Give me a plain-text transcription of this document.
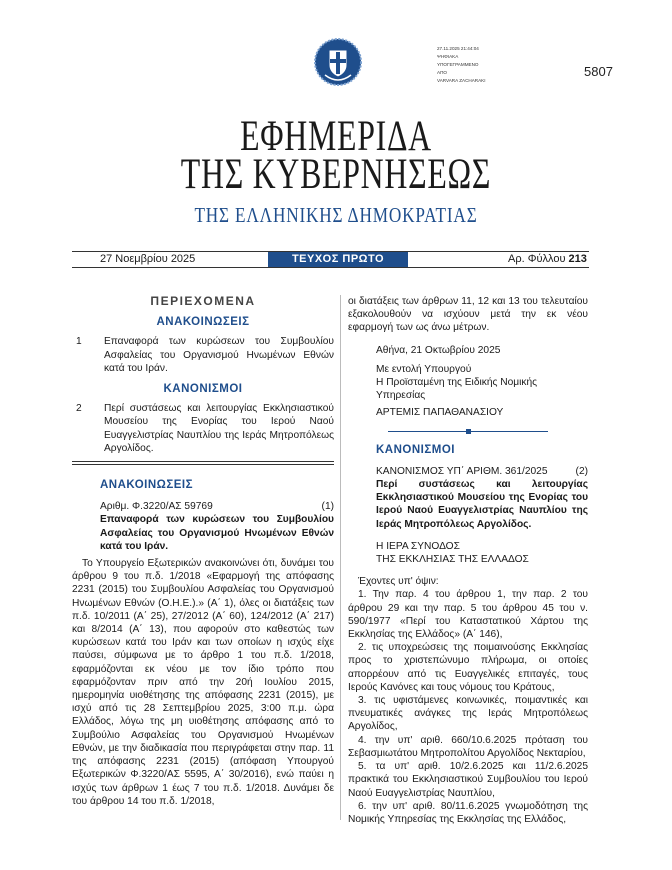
27.11.2025 21:44:04
ΨΗΦΙΑΚΑ
ΥΠΟΓΕΓΡΑΜΜΕΝΟ
ΑΠΟ
VARVARA ZACHARAKI
5807
ΕΦΗΜΕΡΙΔΑ
ΤΗΣ ΚΥΒΕΡΝΗΣΕΩΣ
ΤΗΣ ΕΛΛΗΝΙΚΗΣ ΔΗΜΟΚΡΑΤΙΑΣ
27 Νοεμβρίου 2025	ΤΕΥΧΟΣ ΠΡΩΤΟ	Αρ. Φύλλου 213
ΠΕΡΙΕΧΟΜΕΝΑ
ΑΝΑΚΟΙΝΩΣΕΙΣ
1	Επαναφορά των κυρώσεων του Συμβουλίου Ασφαλείας του Οργανισμού Ηνωμένων Εθνών κατά του Ιράν.
ΚΑΝΟΝΙΣΜΟΙ
2	Περί συστάσεως και λειτουργίας Εκκλησιαστικού Μουσείου της Ενορίας του Ιερού Ναού Ευαγγελιστρίας Ναυπλίου της Ιεράς Μητροπόλεως Αργολίδος.
ΑΝΑΚΟΙΝΩΣΕΙΣ
Αριθμ. Φ.3220/ΑΣ 59769	(1)
Επαναφορά των κυρώσεων του Συμβουλίου Ασφαλείας του Οργανισμού Ηνωμένων Εθνών κατά του Ιράν.
Το Υπουργείο Εξωτερικών ανακοινώνει ότι, δυνάμει του άρθρου 9 του π.δ. 1/2018 «Εφαρμογή της απόφασης 2231 (2015) του Συμβουλίου Ασφαλείας του Οργανισμού Ηνωμένων Εθνών (Ο.Η.Ε.).» (Α΄ 1), όλες οι διατάξεις των π.δ. 10/2011 (Α΄ 25), 27/2012 (Α΄ 60), 124/2012 (Α΄ 217) και 8/2014 (Α΄ 13), που αφορούν στο καθεστώς των κυρώσεων κατά του Ιράν και των οποίων η ισχύς είχε παύσει, σύμφωνα με το άρθρο 1 του π.δ. 1/2018, εφαρμόζονται εκ νέου με τον ίδιο τρόπο που εφαρμόζονταν πριν από την 20ή Ιουλίου 2015, ημερομηνία υιοθέτησης της απόφασης 2231 (2015), με ισχύ από τις 28 Σεπτεμβρίου 2025, 3:00 π.μ. ώρα Ελλάδος, λόγω της μη υιοθέτησης απόφασης από το Συμβούλιο Ασφαλείας του Οργανισμού Ηνωμένων Εθνών, με την διαδικασία που περιγράφεται στην παρ. 11 της απόφασης 2231 (2015) (απόφαση Υπουργού Εξωτερικών Φ.3220/ΑΣ 5595, Α΄ 30/2016), ενώ παύει η ισχύς των άρθρων 1 έως 7 του π.δ. 1/2018. Δυνάμει δε του άρθρου 14 του π.δ. 1/2018,
οι διατάξεις των άρθρων 11, 12 και 13 του τελευταίου εξακολουθούν να ισχύουν μετά την εκ νέου εφαρμογή των ως άνω μέτρων.
Αθήνα, 21 Οκτωβρίου 2025
Με εντολή Υπουργού
Η Προϊσταμένη της Ειδικής Νομικής Υπηρεσίας
ΑΡΤΕΜΙΣ ΠΑΠΑΘΑΝΑΣΙΟΥ
ΚΑΝΟΝΙΣΜΟΙ
ΚΑΝΟΝΙΣΜΟΣ ΥΠ΄ ΑΡΙΘΜ. 361/2025	(2)
Περί συστάσεως και λειτουργίας Εκκλησιαστικού Μουσείου της Ενορίας του Ιερού Ναού Ευαγγελιστρίας Ναυπλίου της Ιεράς Μητροπόλεως Αργολίδος.
Η ΙΕΡΑ ΣΥΝΟΔΟΣ
ΤΗΣ ΕΚΚΛΗΣΙΑΣ ΤΗΣ ΕΛΛΑΔΟΣ
Έχοντες υπ' όψιν:
1. Την παρ. 4 του άρθρου 1, την παρ. 2 του άρθρου 29 και την παρ. 5 του άρθρου 45 του ν. 590/1977 «Περί του Καταστατικού Χάρτου της Εκκλησίας της Ελλάδος» (Α΄ 146),
2. τις υποχρεώσεις της ποιμαινούσης Εκκλησίας προς το χριστεπώνυμο πλήρωμα, οι οποίες απορρέουν από τις Ευαγγελικές επιταγές, τους Ιερούς Κανόνες και τους νόμους του Κράτους,
3. τις υφιστάμενες κοινωνικές, ποιμαντικές και πνευματικές ανάγκες της Ιεράς Μητροπόλεως Αργολίδος,
4. την υπ' αριθ. 660/10.6.2025 πρόταση του Σεβασμιωτάτου Μητροπολίτου Αργολίδος Νεκταρίου,
5. τα υπ' αριθ. 10/2.6.2025 και 11/2.6.2025 πρακτικά του Εκκλησιαστικού Συμβουλίου του Ιερού Ναού Ευαγγελιστρίας Ναυπλίου,
6. την υπ' αριθ. 80/11.6.2025 γνωμοδότηση της Νομικής Υπηρεσίας της Εκκλησίας της Ελλάδος,
